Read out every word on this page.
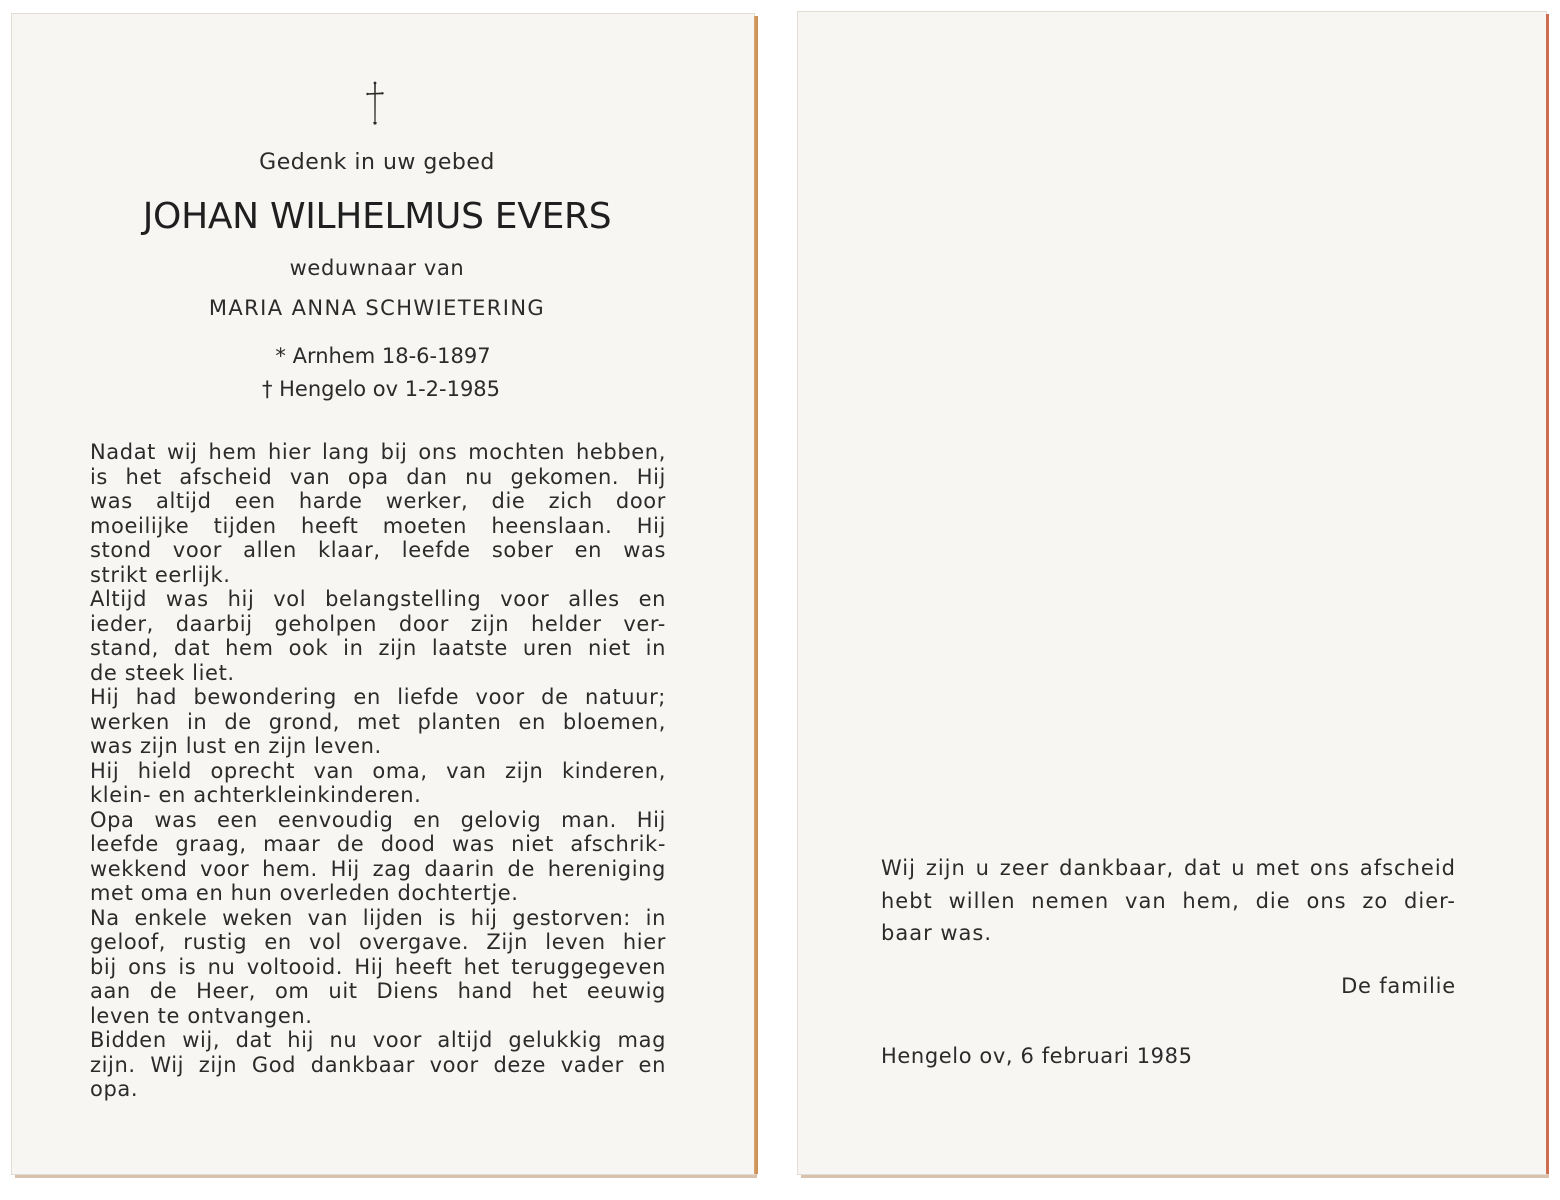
Gedenk in uw gebed
JOHAN WILHELMUS EVERS
weduwnaar van
MARIA ANNA SCHWIETERING
* Arnhem 18-6-1897
† Hengelo ov 1-2-1985
Nadat wij hem hier lang bij ons mochten hebben,
is het afscheid van opa dan nu gekomen. Hij
was altijd een harde werker, die zich door
moeilijke tijden heeft moeten heenslaan. Hij
stond voor allen klaar, leefde sober en was
strikt eerlijk.
Altijd was hij vol belangstelling voor alles en
ieder, daarbij geholpen door zijn helder ver-
stand, dat hem ook in zijn laatste uren niet in
de steek liet.
Hij had bewondering en liefde voor de natuur;
werken in de grond, met planten en bloemen,
was zijn lust en zijn leven.
Hij hield oprecht van oma, van zijn kinderen,
klein- en achterkleinkinderen.
Opa was een eenvoudig en gelovig man. Hij
leefde graag, maar de dood was niet afschrik-
wekkend voor hem. Hij zag daarin de hereniging
met oma en hun overleden dochtertje.
Na enkele weken van lijden is hij gestorven: in
geloof, rustig en vol overgave. Zijn leven hier
bij ons is nu voltooid. Hij heeft het teruggegeven
aan de Heer, om uit Diens hand het eeuwig
leven te ontvangen.
Bidden wij, dat hij nu voor altijd gelukkig mag
zijn. Wij zijn God dankbaar voor deze vader en
opa.
Wij zijn u zeer dankbaar, dat u met ons afscheid
hebt willen nemen van hem, die ons zo dier-
baar was.
De familie
Hengelo ov, 6 februari 1985
